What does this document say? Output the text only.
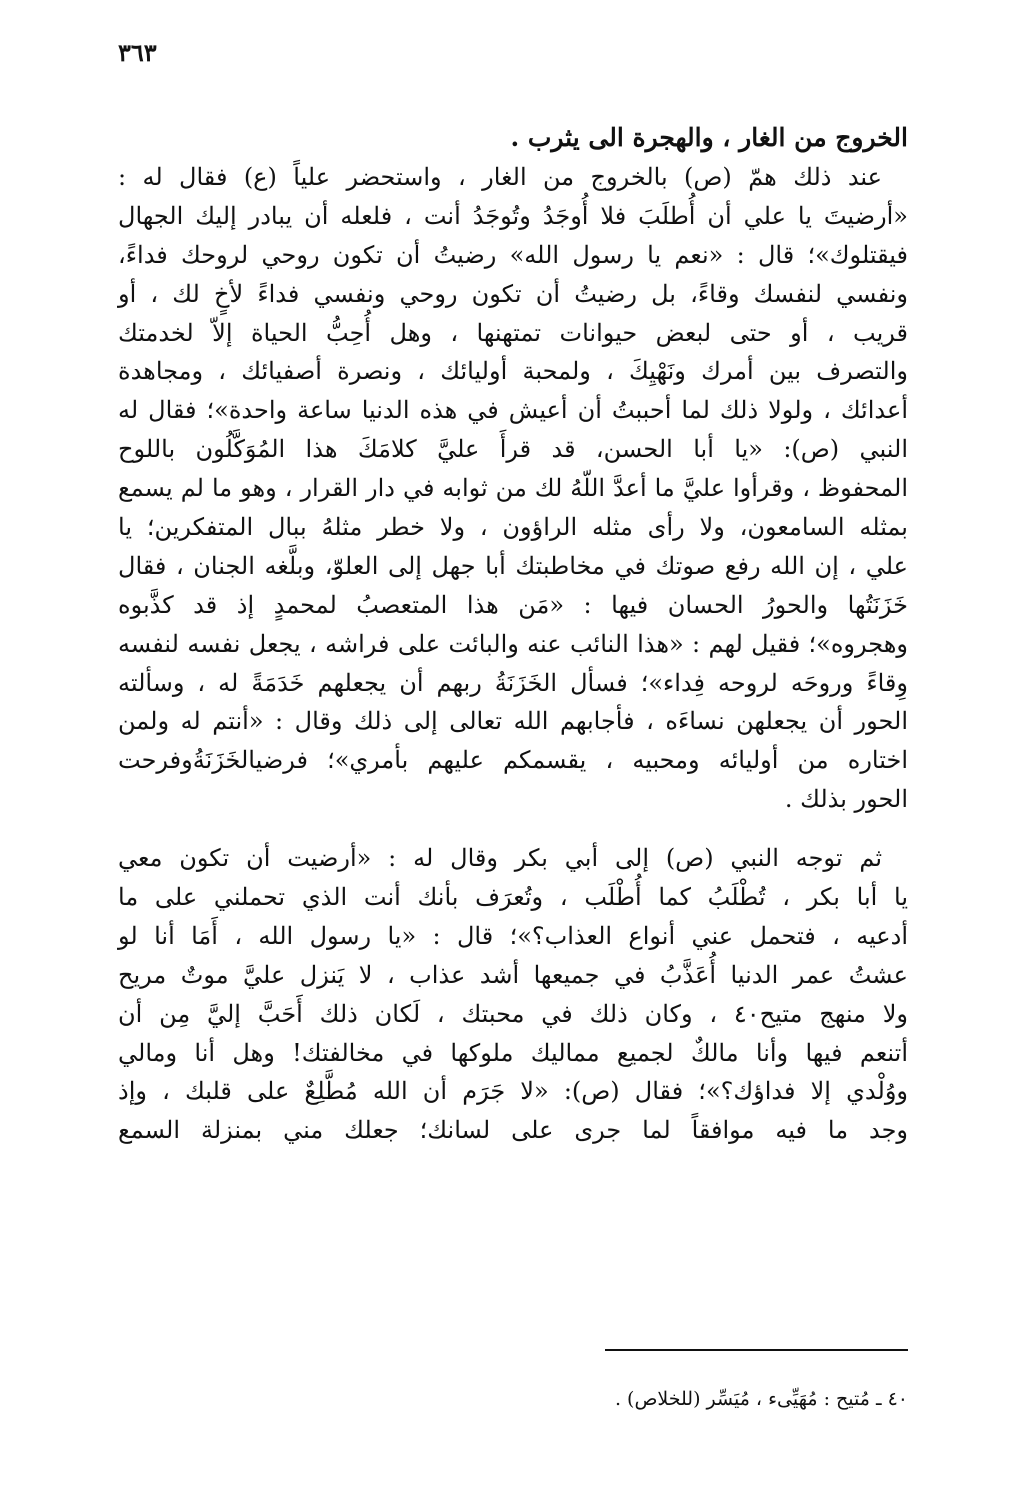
٣٦٣
الخروج من الغار ، والهجرة الى يثرب .
عند ذلك همّ (ص) بالخروج من الغار ، واستحضر علياً (ع) فقال له :
«أرضيتَ يا علي أن أُطلَبَ فلا أُوجَدُ وتُوجَدُ أنت ، فلعله أن يبادر إليك الجهال
فيقتلوك»؛ قال : «نعم يا رسول الله» رضيتُ أن تكون روحي لروحك فداءً،
ونفسي لنفسك وقاءً، بل رضيتُ أن تكون روحي ونفسي فداءً لأخٍ لك ، أو
قريب ، أو حتى لبعض حيوانات تمتهنها ، وهل أُحِبُّ الحياة إلاّ لخدمتك
والتصرف بين أمرك ونَهْيِكَ ، ولمحبة أوليائك ، ونصرة أصفيائك ، ومجاهدة
أعدائك ، ولولا ذلك لما أحببتُ أن أعيش في هذه الدنيا ساعة واحدة»؛ فقال له
النبي (ص): «يا أبا الحسن، قد قرأَ عليَّ كلامَكَ هذا المُوَكَّلُون باللوح
المحفوظ ، وقرأوا عليَّ ما أعدَّ اللّهُ لك من ثوابه في دار القرار ، وهو ما لم يسمع
بمثله السامعون، ولا رأى مثله الراؤون ، ولا خطر مثلهُ ببال المتفكرين؛ يا
علي ، إن الله رفع صوتك في مخاطبتك أبا جهل إلى العلوّ، وبلَّغه الجنان ، فقال
خَزَنَتُها والحورُ الحسان فيها : «مَن هذا المتعصبُ لمحمدٍ إذ قد كذَّبوه
وهجروه»؛ فقيل لهم : «هذا النائب عنه والبائت على فراشه ، يجعل نفسه لنفسه
وِقاءً وروحَه لروحه فِداء»؛ فسأل الخَزَنَةُ ربهم أن يجعلهم خَدَمَةً له ، وسألته
الحور أن يجعلهن نساءَه ، فأجابهم الله تعالى إلى ذلك وقال : «أنتم له ولمن
اختاره من أوليائه ومحبيه ، يقسمكم عليهم بأمري»؛ فرضيالخَزَنَةُوفرحت
الحور بذلك .
ثم توجه النبي (ص) إلى أبي بكر وقال له : «أرضيت أن تكون معي
يا أبا بكر ، تُطْلَبُ كما أُطْلَب ، وتُعرَف بأنك أنت الذي تحملني على ما
أدعيه ، فتحمل عني أنواع العذاب؟»؛ قال : «يا رسول الله ، أَمَا أنا لو
عشتُ عمر الدنيا أُعَذَّبُ في جميعها أشد عذاب ، لا يَنزل عليَّ موتٌ مريح
ولا منهج متيح٤٠ ، وكان ذلك في محبتك ، لَكان ذلك أَحَبَّ إليَّ مِن أن
أتنعم فيها وأنا مالكٌ لجميع مماليك ملوكها في مخالفتك! وهل أنا ومالي
ووُلْدي إلا فداؤك؟»؛ فقال (ص): «لا جَرَم أن الله مُطَّلِعٌ على قلبك ، وإذ
وجد ما فيه موافقاً لما جرى على لسانك؛ جعلك مني بمنزلة السمع
٤٠ ـ مُتيح : مُهَيِّىء ، مُيَسِّر (للخلاص) .
